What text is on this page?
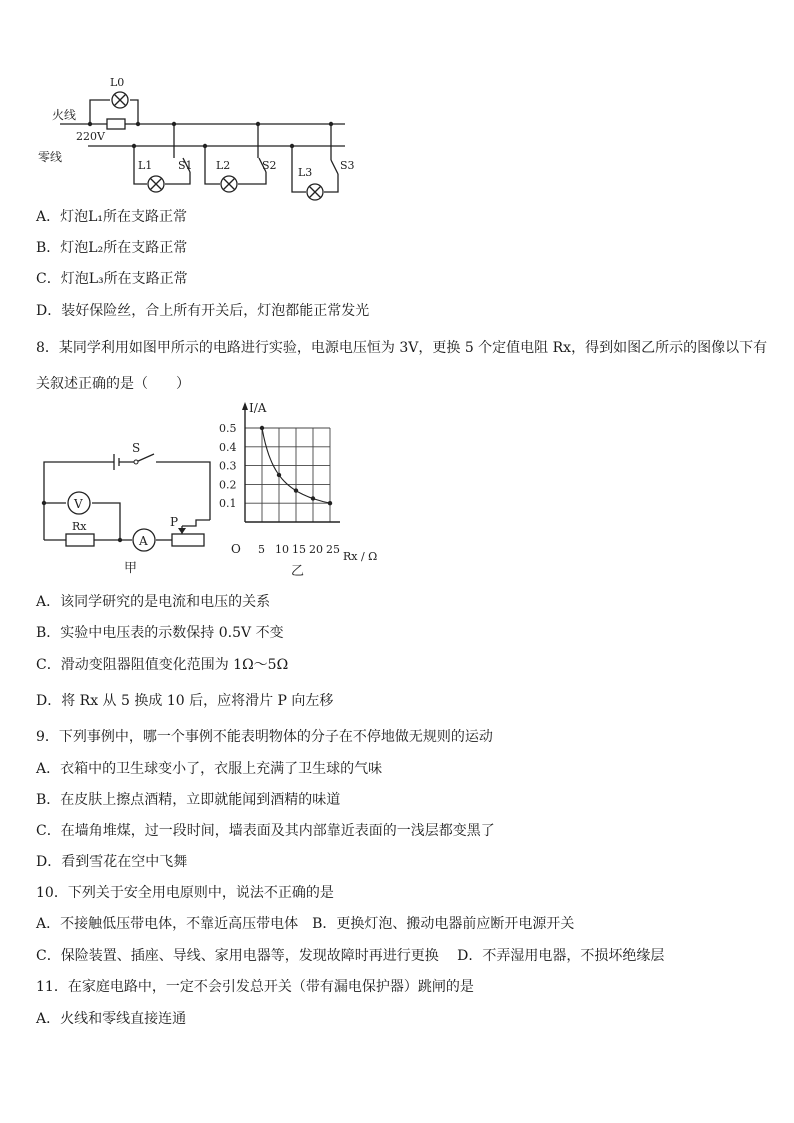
火线
零线
220V
L0
L1 S1 L2	S2
L3
S3
A．灯泡L₁所在支路正常
B．灯泡L₂所在支路正常
C．灯泡L₃所在支路正常
D．装好保险丝，合上所有开关后，灯泡都能正常发光
8．某同学利用如图甲所示的电路进行实验，电源电压恒为 3V，更换 5 个定值电阻 Rx，得到如图乙所示的图像以下有
关叙述正确的是（　　）
S
V
A
Rx	P
甲
0.5
0.4
0.3
0.2
0.1
5 10 15 20 25
I/A
O
Rx / Ω
乙
A．该同学研究的是电流和电压的关系
B．实验中电压表的示数保持 0.5V 不变
C．滑动变阻器阻值变化范围为 1Ω～5Ω
D．将 Rx 从 5 换成 10 后，应将滑片 P 向左移
9．下列事例中，哪一个事例不能表明物体的分子在不停地做无规则的运动
A．衣箱中的卫生球变小了，衣服上充满了卫生球的气味
B．在皮肤上擦点酒精，立即就能闻到酒精的味道
C．在墙角堆煤，过一段时间，墙表面及其内部靠近表面的一浅层都变黑了
D．看到雪花在空中飞舞
10．下列关于安全用电原则中，说法不正确的是
A．不接触低压带电体，不靠近高压带电体　B．更换灯泡、搬动电器前应断开电源开关
C．保险装置、插座、导线、家用电器等，发现故障时再进行更换　 D．不弄湿用电器，不损坏绝缘层
11．在家庭电路中，一定不会引发总开关（带有漏电保护器）跳闸的是
A．火线和零线直接连通
